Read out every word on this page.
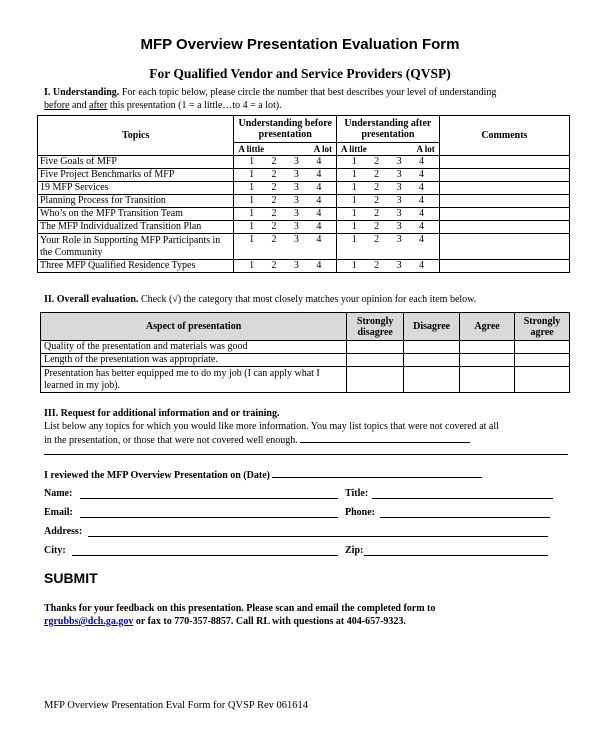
MFP Overview Presentation Evaluation Form
For Qualified Vendor and Service Providers (QVSP)
I. Understanding. For each topic below, please circle the number that best describes your level of understanding
before and after this presentation (1 = a little…to 4 = a lot).
Topics	Understanding before presentation	Understanding after presentation	Comments

	A little A lot	A little A lot	

Five Goals of MFP	1 2 3 4	1 2 3 4	

Five Project Benchmarks of MFP	1 2 3 4	1 2 3 4	

19 MFP Services	1 2 3 4	1 2 3 4	

Planning Process for Transition	1 2 3 4	1 2 3 4	

Who’s on the MFP Transition Team	1 2 3 4	1 2 3 4	

The MFP Individualized Transition Plan	1 2 3 4	1 2 3 4	

Your Role in Supporting MFP Participants in the Community	1 2 3 4	1 2 3 4	

Three MFP Qualified Residence Types	1 2 3 4	1 2 3 4	

II. Overall evaluation. Check (√) the category that most closely matches your opinion for each item below.
Aspect of presentation	Strongly disagree	Disagree	Agree	Strongly agree
Quality of the presentation and materials was good				
Length of the presentation was appropriate.				
Presentation has better equipped me to do my job (I can apply what I learned in my job).				
III. Request for additional information and or training.
List below any topics for which you would like more information. You may list topics that were not covered at all
in the presentation, or those that were not covered well enough.
I reviewed the MFP Overview Presentation on (Date)
Name:	Title:
Email:	Phone:
Address:
City:	Zip:
SUBMIT
Thanks for your feedback on this presentation. Please scan and email the completed form to
rgrubbs@dch.ga.gov or fax to 770-357-8857. Call RL with questions at 404-657-9323.
MFP Overview Presentation Eval Form for QVSP Rev 061614
